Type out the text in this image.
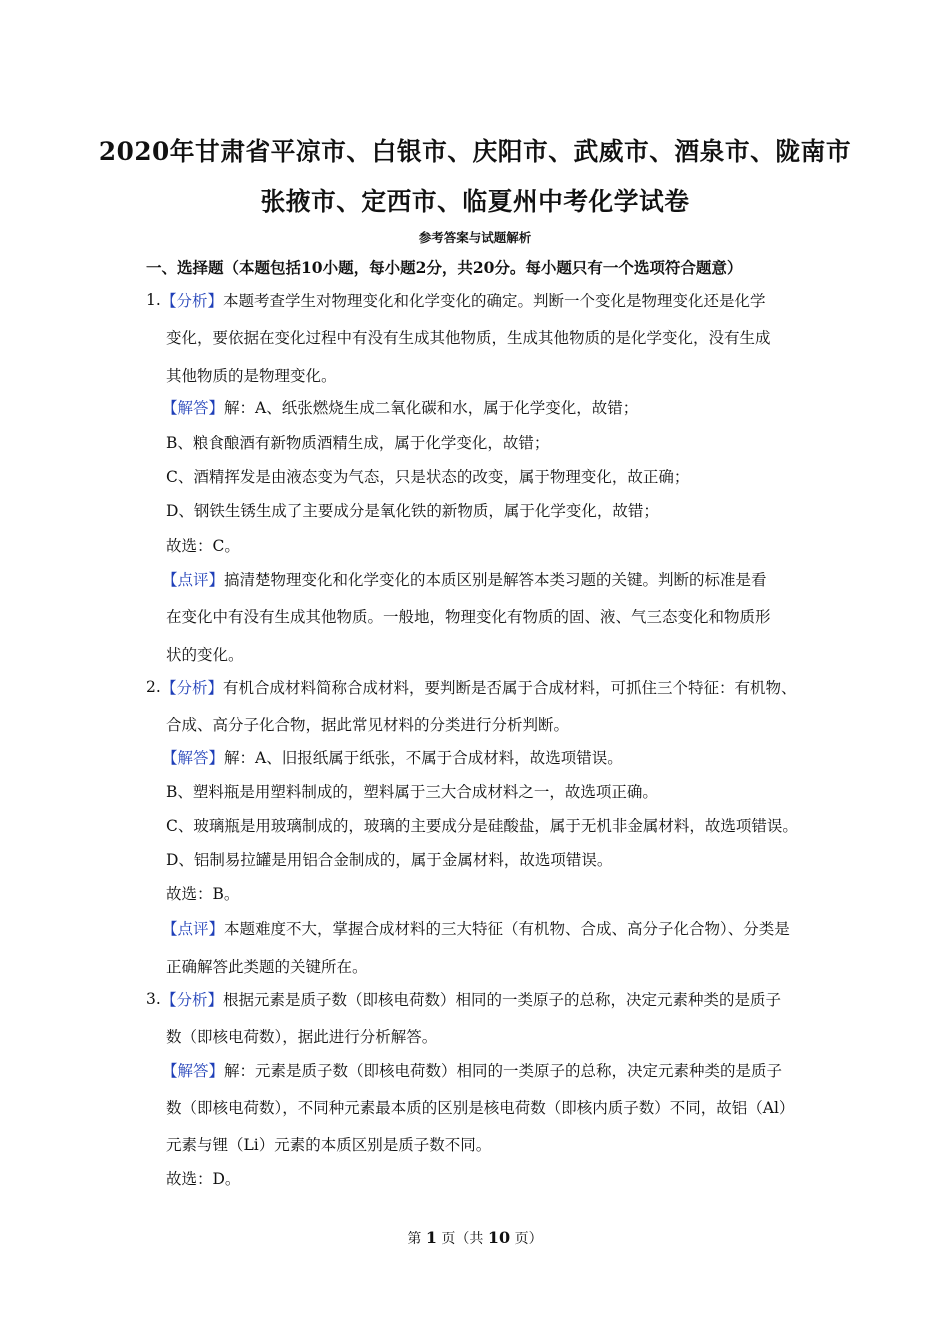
2020年甘肃省平凉市、白银市、庆阳市、武威市、酒泉市、陇南市
张掖市、定西市、临夏州中考化学试卷
参考答案与试题解析
一、选择题（本题包括10小题，每小题2分，共20分。每小题只有一个选项符合题意）
1. 【分析】本题考查学生对物理变化和化学变化的确定。判断一个变化是物理变化还是化学
变化，要依据在变化过程中有没有生成其他物质，生成其他物质的是化学变化，没有生成
其他物质的是物理变化。
【解答】解：A、纸张燃烧生成二氧化碳和水，属于化学变化，故错；
B、粮食酿酒有新物质酒精生成，属于化学变化，故错；
C、酒精挥发是由液态变为气态，只是状态的改变，属于物理变化，故正确；
D、钢铁生锈生成了主要成分是氧化铁的新物质，属于化学变化，故错；
故选：C。
【点评】搞清楚物理变化和化学变化的本质区别是解答本类习题的关键。判断的标准是看
在变化中有没有生成其他物质。一般地，物理变化有物质的固、液、气三态变化和物质形
状的变化。
2. 【分析】有机合成材料简称合成材料，要判断是否属于合成材料，可抓住三个特征：有机物、
合成、高分子化合物，据此常见材料的分类进行分析判断。
【解答】解：A、旧报纸属于纸张，不属于合成材料，故选项错误。
B、塑料瓶是用塑料制成的，塑料属于三大合成材料之一，故选项正确。
C、玻璃瓶是用玻璃制成的，玻璃的主要成分是硅酸盐，属于无机非金属材料，故选项错误。
D、铝制易拉罐是用铝合金制成的，属于金属材料，故选项错误。
故选：B。
【点评】本题难度不大，掌握合成材料的三大特征（有机物、合成、高分子化合物）、分类是
正确解答此类题的关键所在。
3. 【分析】根据元素是质子数（即核电荷数）相同的一类原子的总称，决定元素种类的是质子
数（即核电荷数），据此进行分析解答。
【解答】解：元素是质子数（即核电荷数）相同的一类原子的总称，决定元素种类的是质子
数（即核电荷数），不同种元素最本质的区别是核电荷数（即核内质子数）不同，故铝（Al）
元素与锂（Li）元素的本质区别是质子数不同。
故选：D。
第 1 页（共 10 页）
